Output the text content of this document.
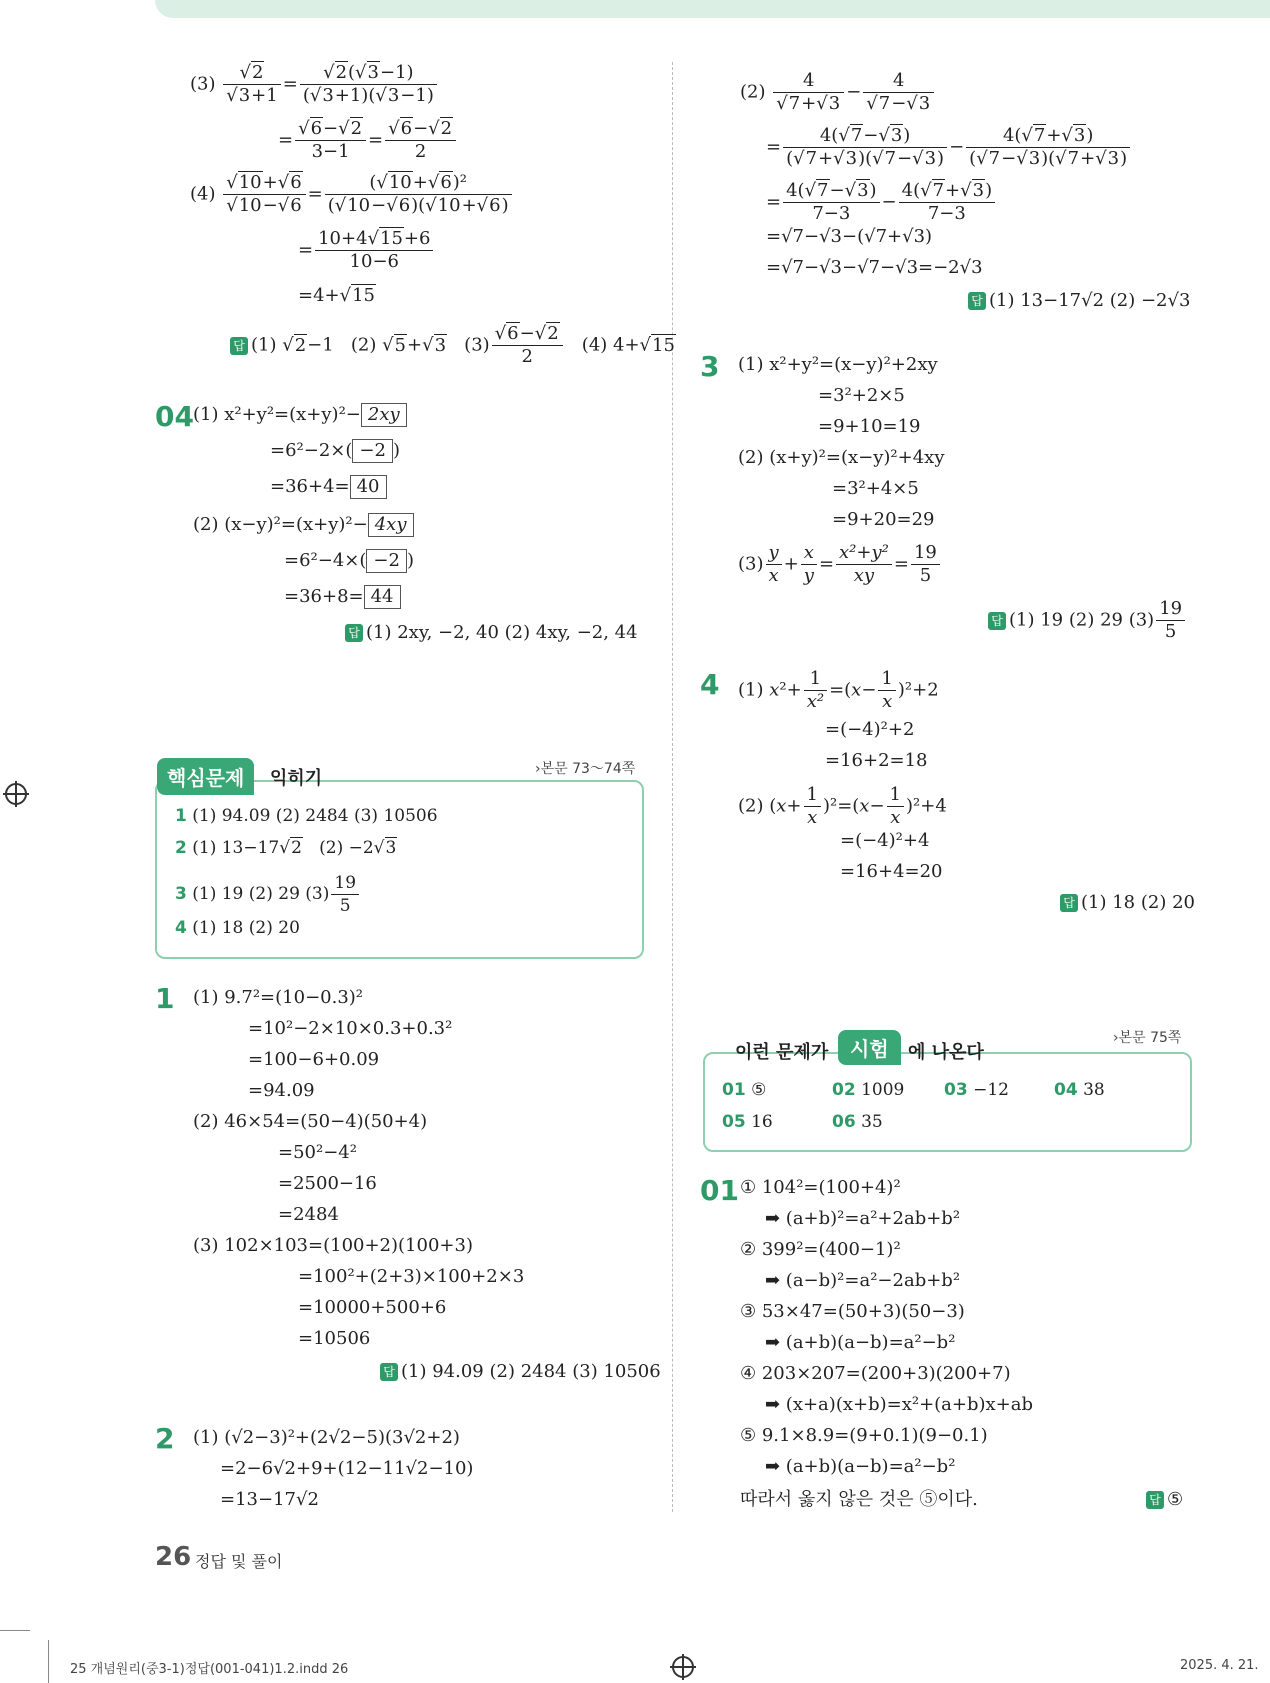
$(3) \frac{√2}{√3+1} = \frac{√2(√3-1)}{(√3+1)(√3-1)}$
= $\frac{√6-√2}{3-1} = \frac{√6-√2}{2}$
$(4) \frac{√10+√6}{√10-√6} = \frac{\text{(√10+√6)²}}{(√10-√6)(√10+√6)}$
= $\frac{10+4√15+6}{10-6}$
=4+√15
답 (1) √2−1   (2) √5+√3   $(3) \frac{√6-√2}{2} (4)$ 4+√15
04 (1) x²+y²=(x+y)²− 2xy
=6²−2×( −2 )
=36+4= 40
(2) (x−y)²=(x+y)²− 4xy
=6²−4×( −2 )
=36+8= 44
답 (1) 2xy, −2, 40 (2) 4xy, −2, 44
핵심문제	익히기	›본문 73～74쪽
1 (1) 94.09 (2) 2484 (3) 10506
2 (1) 13−17√2   (2) −2√3
3 (1) 19 (2) 29 $(3) \frac{19}{5}$
4 (1) 18 (2) 20
1 (1) 9.7²=(10−0.3)²
=10²−2×10×0.3+0.3²
=100−6+0.09
=94.09
(2) 46×54=(50−4)(50+4)
=50²−4²
=2500−16
=2484
(3) 102×103=(100+2)(100+3)
=100²+(2+3)×100+2×3
=10000+500+6
=10506
답 (1) 94.09 (2) 2484 (3) 10506
2 (1) (√2−3)²+(2√2−5)(3√2+2)
=2−6√2+9+(12−11√2−10)
=13−17√2
26 정답 및 풀이
$(2) \frac{4}{√7+√3} - \frac{4}{√7-√3}$
= $\frac{4(√7-√3)}{(√7+√3)(√7-√3)} - \frac{4(√7+√3)}{(√7-√3)(√7+√3)}$
= $\frac{4(√7-√3)}{7-3} - \frac{4(√7+√3)}{7-3}$
=√7−√3−(√7+√3)
=√7−√3−√7−√3=−2√3
답 (1) 13−17√2 (2) −2√3
3 (1) x²+y²=(x−y)²+2xy
=3²+2×5
=9+10=19
(2) (x+y)²=(x−y)²+4xy
=3²+4×5
=9+20=29
$(3) \frac{y}{x} + \frac{x}{y} = \frac{\text{x²+y²}}{xy} = \frac{19}{5}$
답 (1) 19 (2) 29 $(3) \frac{19}{5}$
4 (1) $x^2+ \frac{1}{\text{x²}} =(x- \frac{1}{x} )^2+2$
=(−4)²+2
=16+2=18
(2) $(x+ \frac{1}{x} )^2=(x- \frac{1}{x} )^2+4$
=(−4)²+4
=16+4=20
답 (1) 18 (2) 20
이런 문제가	시험	에 나온다
›본문 75쪽
01 ⑤	02 1009 03 −12	04 38
05 16	06 35
01 ① 104²=(100+4)²
➡ (a+b)²=a²+2ab+b²
② 399²=(400−1)²
➡ (a−b)²=a²−2ab+b²
③ 53×47=(50+3)(50−3)
➡ (a+b)(a−b)=a²−b²
④ 203×207=(200+3)(200+7)
➡ (x+a)(x+b)=x²+(a+b)x+ab
⑤ 9.1×8.9=(9+0.1)(9−0.1)
➡ (a+b)(a−b)=a²−b²
따라서 옳지 않은 것은 ⑤이다.	답 ⑤
25 개념원리(중3-1)정답(001-041)1.2.indd 26	2025. 4. 21.
